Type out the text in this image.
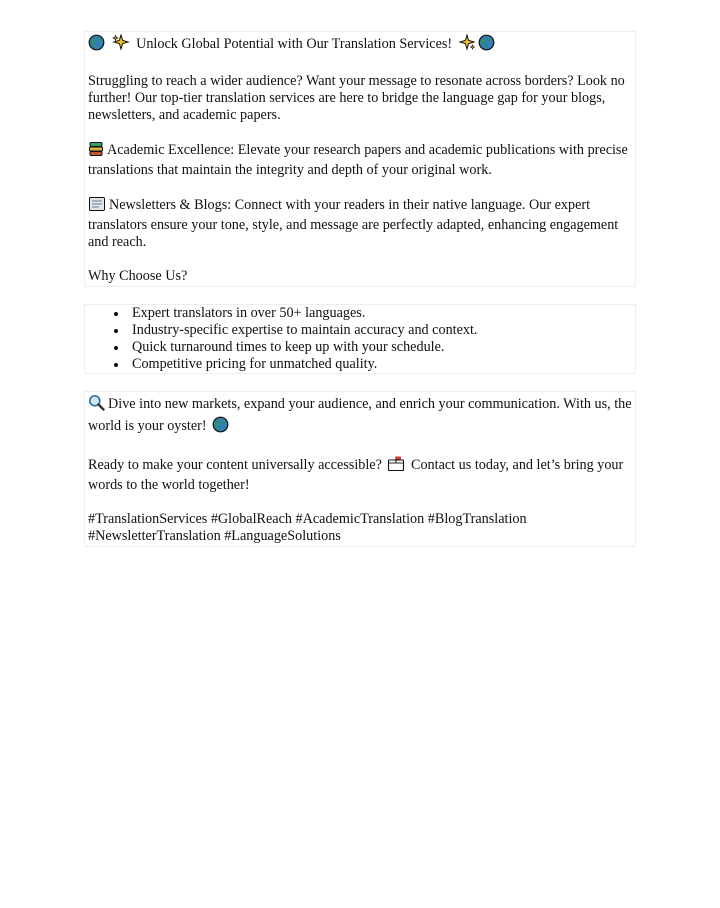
Unlock Global Potential with Our Translation Services!

Struggling to reach a wider audience? Want your message to resonate across borders? Look no further! Our top-tier translation services are here to bridge the language gap for your blogs, newsletters, and academic papers.

Academic Excellence: Elevate your research papers and academic publications with precise translations that maintain the integrity and depth of your original work.

Newsletters & Blogs: Connect with your readers in their native language. Our expert translators ensure your tone, style, and message are perfectly adapted, enhancing engagement and reach.

Why Choose Us?

Expert translators in over 50+ languages.
Industry-specific expertise to maintain accuracy and context.
Quick turnaround times to keep up with your schedule.
Competitive pricing for unmatched quality.

Dive into new markets, expand your audience, and enrich your communication. With us, the world is your oyster!

Ready to make your content universally accessible? Contact us today, and let’s bring your words to the world together!

#TranslationServices #GlobalReach #AcademicTranslation #BlogTranslation #NewsletterTranslation #LanguageSolutions
